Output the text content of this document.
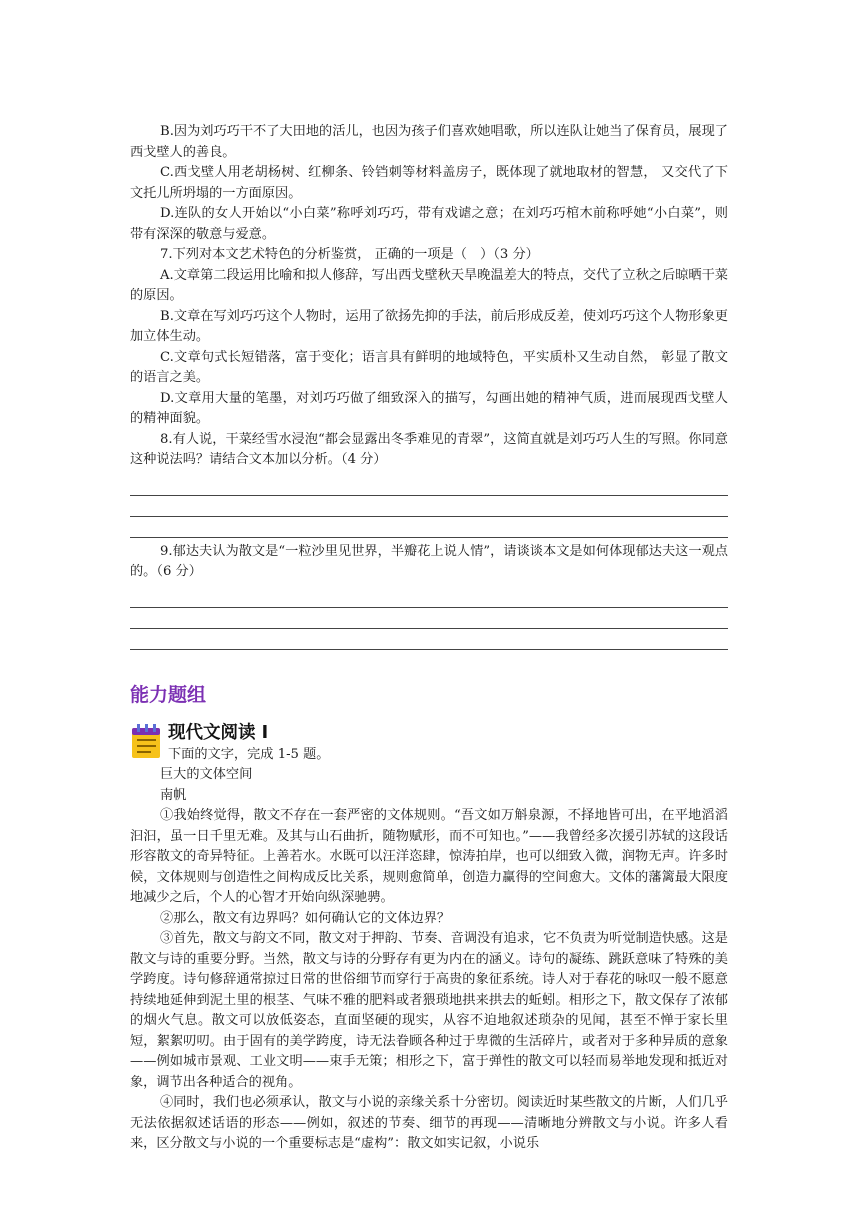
B.因为刘巧巧干不了大田地的活儿，也因为孩子们喜欢她唱歌，所以连队让她当了保育员，展现了西戈壁人的善良。

C.西戈壁人用老胡杨树、红柳条、铃铛刺等材料盖房子，既体现了就地取材的智慧， 又交代了下文托儿所坍塌的一方面原因。

D.连队的女人开始以“小白菜”称呼刘巧巧，带有戏谑之意；在刘巧巧棺木前称呼她“小白菜”，则带有深深的敬意与爱意。

7.下列对本文艺术特色的分析鉴赏， 正确的一项是（　）（3 分）

A.文章第二段运用比喻和拟人修辞，写出西戈壁秋天旱晚温差大的特点，交代了立秋之后晾晒干菜的原因。

B.文章在写刘巧巧这个人物时，运用了欲扬先抑的手法，前后形成反差，使刘巧巧这个人物形象更加立体生动。

C.文章句式长短错落，富于变化；语言具有鲜明的地域特色，平实质朴又生动自然， 彰显了散文的语言之美。

D.文章用大量的笔墨，对刘巧巧做了细致深入的描写，勾画出她的精神气质，进而展现西戈壁人的精神面貌。

8.有人说，干菜经雪水浸泡“都会显露出冬季难见的青翠”，这简直就是刘巧巧人生的写照。你同意这种说法吗？请结合文本加以分析。（4 分）

9.郁达夫认为散文是“一粒沙里见世界，半瓣花上说人情”，请谈谈本文是如何体现郁达夫这一观点的。（6 分）

能力题组
现代文阅读 I

下面的文字，完成 1-5 题。

巨大的文体空间

南帆

①我始终觉得，散文不存在一套严密的文体规则。“吾文如万斛泉源，不择地皆可出，在平地滔滔汩汩，虽一日千里无难。及其与山石曲折，随物赋形，而不可知也。”——我曾经多次援引苏轼的这段话形容散文的奇异特征。上善若水。水既可以汪洋恣肆，惊涛拍岸，也可以细致入微，润物无声。许多时候，文体规则与创造性之间构成反比关系，规则愈简单，创造力赢得的空间愈大。文体的藩篱最大限度地减少之后，个人的心智才开始向纵深驰骋。

②那么，散文有边界吗？如何确认它的文体边界？

③首先，散文与韵文不同，散文对于押韵、节奏、音调没有追求，它不负责为听觉制造快感。这是散文与诗的重要分野。当然，散文与诗的分野存有更为内在的涵义。诗句的凝练、跳跃意味了特殊的美学跨度。诗句修辞通常掠过日常的世俗细节而穿行于高贵的象征系统。诗人对于春花的咏叹一般不愿意持续地延伸到泥土里的根茎、气味不雅的肥料或者猥琐地拱来拱去的蚯蚓。相形之下，散文保存了浓郁的烟火气息。散文可以放低姿态，直面坚硬的现实，从容不迫地叙述琐杂的见闻，甚至不惮于家长里短，絮絮叨叨。由于固有的美学跨度，诗无法眷顾各种过于卑微的生活碎片，或者对于多种异质的意象——例如城市景观、工业文明——束手无策；相形之下，富于弹性的散文可以轻而易举地发现和抵近对象，调节出各种适合的视角。

④同时，我们也必须承认，散文与小说的亲缘关系十分密切。阅读近时某些散文的片断，人们几乎无法依据叙述话语的形态——例如，叙述的节奏、细节的再现——清晰地分辨散文与小说。许多人看来，区分散文与小说的一个重要标志是“虚构”：散文如实记叙，小说乐
